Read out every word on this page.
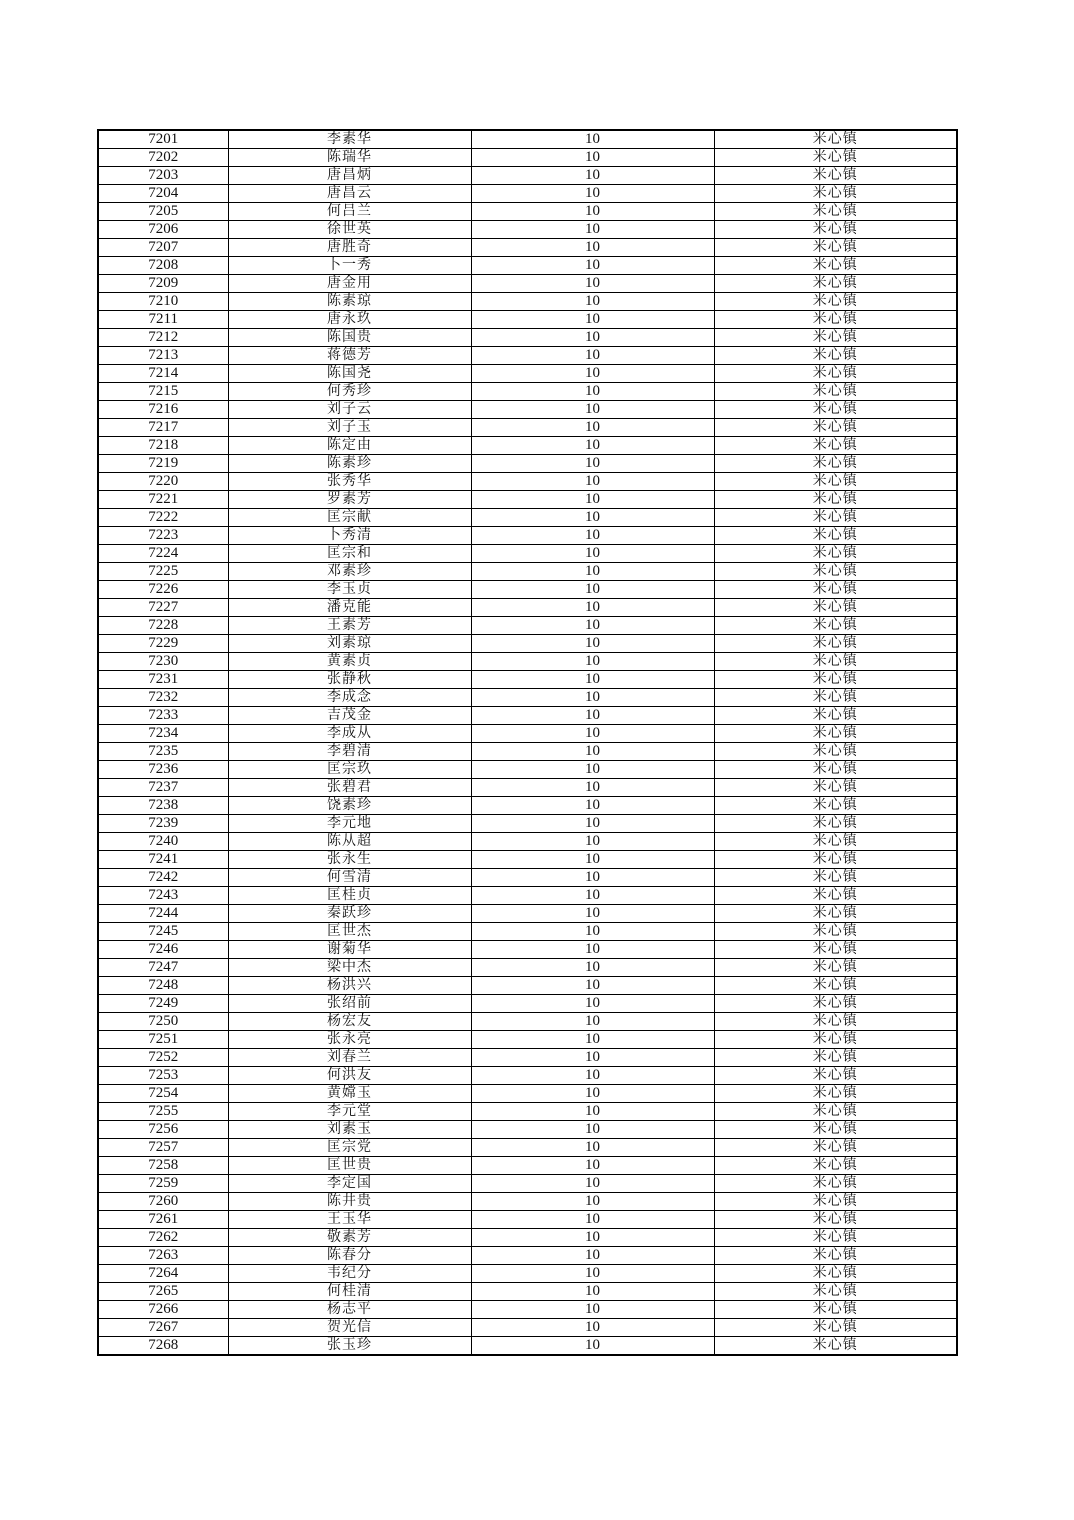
7201	李素华	10	米心镇
7202	陈瑞华	10	米心镇
7203	唐昌炳	10	米心镇
7204	唐昌云	10	米心镇
7205	何吕兰	10	米心镇
7206	徐世英	10	米心镇
7207	唐胜奇	10	米心镇
7208	卜一秀	10	米心镇
7209	唐金用	10	米心镇
7210	陈素琼	10	米心镇
7211	唐永玖	10	米心镇
7212	陈国贵	10	米心镇
7213	蒋德芳	10	米心镇
7214	陈国尧	10	米心镇
7215	何秀珍	10	米心镇
7216	刘子云	10	米心镇
7217	刘子玉	10	米心镇
7218	陈定由	10	米心镇
7219	陈素珍	10	米心镇
7220	张秀华	10	米心镇
7221	罗素芳	10	米心镇
7222	匡宗献	10	米心镇
7223	卜秀清	10	米心镇
7224	匡宗和	10	米心镇
7225	邓素珍	10	米心镇
7226	李玉贞	10	米心镇
7227	潘克能	10	米心镇
7228	王素芳	10	米心镇
7229	刘素琼	10	米心镇
7230	黄素贞	10	米心镇
7231	张静秋	10	米心镇
7232	李成念	10	米心镇
7233	吉茂金	10	米心镇
7234	李成从	10	米心镇
7235	李碧清	10	米心镇
7236	匡宗玖	10	米心镇
7237	张碧君	10	米心镇
7238	饶素珍	10	米心镇
7239	李元地	10	米心镇
7240	陈从超	10	米心镇
7241	张永生	10	米心镇
7242	何雪清	10	米心镇
7243	匡桂贞	10	米心镇
7244	秦跃珍	10	米心镇
7245	匡世杰	10	米心镇
7246	谢菊华	10	米心镇
7247	梁中杰	10	米心镇
7248	杨洪兴	10	米心镇
7249	张绍前	10	米心镇
7250	杨宏友	10	米心镇
7251	张永亮	10	米心镇
7252	刘春兰	10	米心镇
7253	何洪友	10	米心镇
7254	黄嫦玉	10	米心镇
7255	李元堂	10	米心镇
7256	刘素玉	10	米心镇
7257	匡宗党	10	米心镇
7258	匡世贵	10	米心镇
7259	李定国	10	米心镇
7260	陈井贵	10	米心镇
7261	王玉华	10	米心镇
7262	敬素芳	10	米心镇
7263	陈春分	10	米心镇
7264	韦纪分	10	米心镇
7265	何桂清	10	米心镇
7266	杨志平	10	米心镇
7267	贺光信	10	米心镇
7268	张玉珍	10	米心镇
